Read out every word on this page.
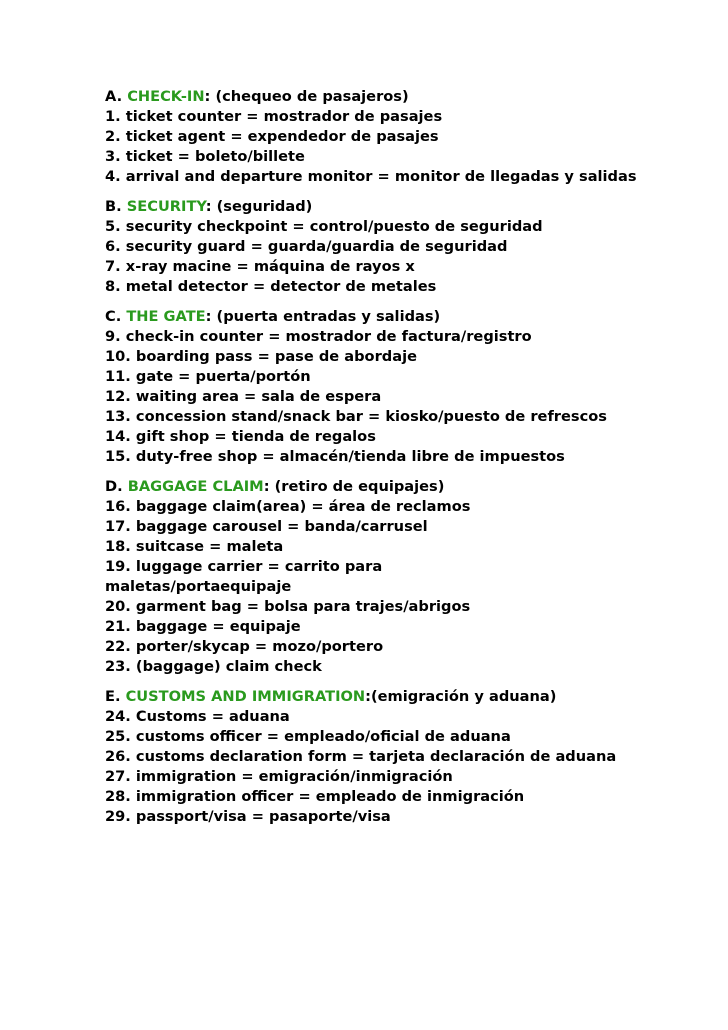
A. CHECK-IN: (chequeo de pasajeros)
1. ticket counter = mostrador de pasajes
2. ticket agent = expendedor de pasajes
3. ticket = boleto/billete
4. arrival and departure monitor = monitor de llegadas y salidas
B. SECURITY: (seguridad)
5. security checkpoint = control/puesto de seguridad
6. security guard = guarda/guardia de seguridad
7. x-ray macine = máquina de rayos x
8. metal detector = detector de metales
C. THE GATE: (puerta entradas y salidas)
9. check-in counter = mostrador de factura/registro
10. boarding pass = pase de abordaje
11. gate = puerta/portón
12. waiting area = sala de espera
13. concession stand/snack bar = kiosko/puesto de refrescos
14. gift shop = tienda de regalos
15. duty-free shop = almacén/tienda libre de impuestos
D. BAGGAGE CLAIM: (retiro de equipajes)
16. baggage claim(area) = área de reclamos
17. baggage carousel = banda/carrusel
18. suitcase = maleta
19. luggage carrier = carrito para maletas/portaequipaje
20. garment bag = bolsa para trajes/abrigos
21. baggage = equipaje
22. porter/skycap = mozo/portero
23. (baggage) claim check
E. CUSTOMS AND IMMIGRATION:(emigración y aduana)
24. Customs = aduana
25. customs officer = empleado/oficial de aduana
26. customs declaration form = tarjeta declaración de aduana
27. immigration = emigración/inmigración
28. immigration officer = empleado de inmigración
29. passport/visa = pasaporte/visa
